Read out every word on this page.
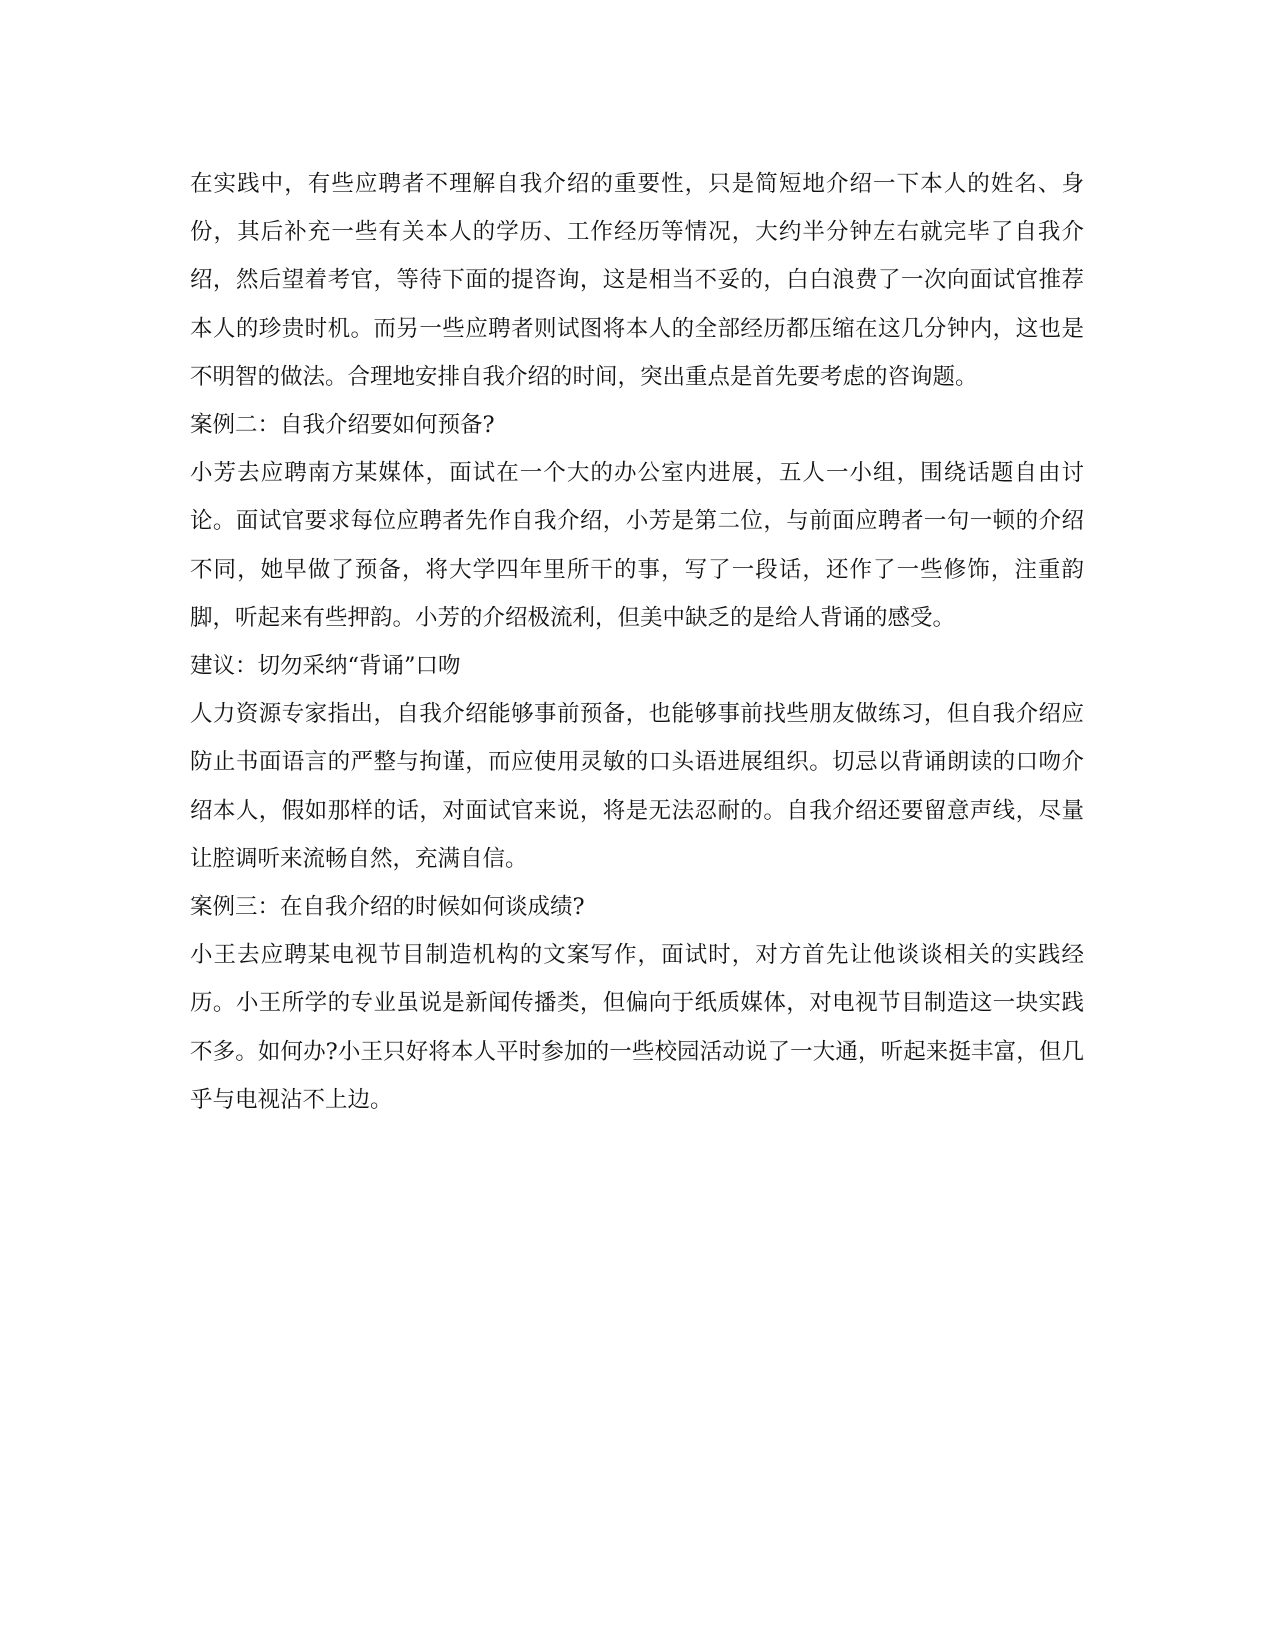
在实践中，有些应聘者不理解自我介绍的重要性，只是简短地介绍一下本人的姓名、身份，其后补充一些有关本人的学历、工作经历等情况，大约半分钟左右就完毕了自我介绍，然后望着考官，等待下面的提咨询，这是相当不妥的，白白浪费了一次向面试官推荐本人的珍贵时机。而另一些应聘者则试图将本人的全部经历都压缩在这几分钟内，这也是不明智的做法。合理地安排自我介绍的时间，突出重点是首先要考虑的咨询题。

案例二：自我介绍要如何预备?

小芳去应聘南方某媒体，面试在一个大的办公室内进展，五人一小组，围绕话题自由讨论。面试官要求每位应聘者先作自我介绍，小芳是第二位，与前面应聘者一句一顿的介绍不同，她早做了预备，将大学四年里所干的事，写了一段话，还作了一些修饰，注重韵脚，听起来有些押韵。小芳的介绍极流利，但美中缺乏的是给人背诵的感受。

建议：切勿采纳“背诵”口吻

人力资源专家指出，自我介绍能够事前预备，也能够事前找些朋友做练习，但自我介绍应防止书面语言的严整与拘谨，而应使用灵敏的口头语进展组织。切忌以背诵朗读的口吻介绍本人，假如那样的话，对面试官来说，将是无法忍耐的。自我介绍还要留意声线，尽量让腔调听来流畅自然，充满自信。

案例三：在自我介绍的时候如何谈成绩?

小王去应聘某电视节目制造机构的文案写作，面试时，对方首先让他谈谈相关的实践经历。小王所学的专业虽说是新闻传播类，但偏向于纸质媒体，对电视节目制造这一块实践不多。如何办?小王只好将本人平时参加的一些校园活动说了一大通，听起来挺丰富，但几乎与电视沾不上边。
